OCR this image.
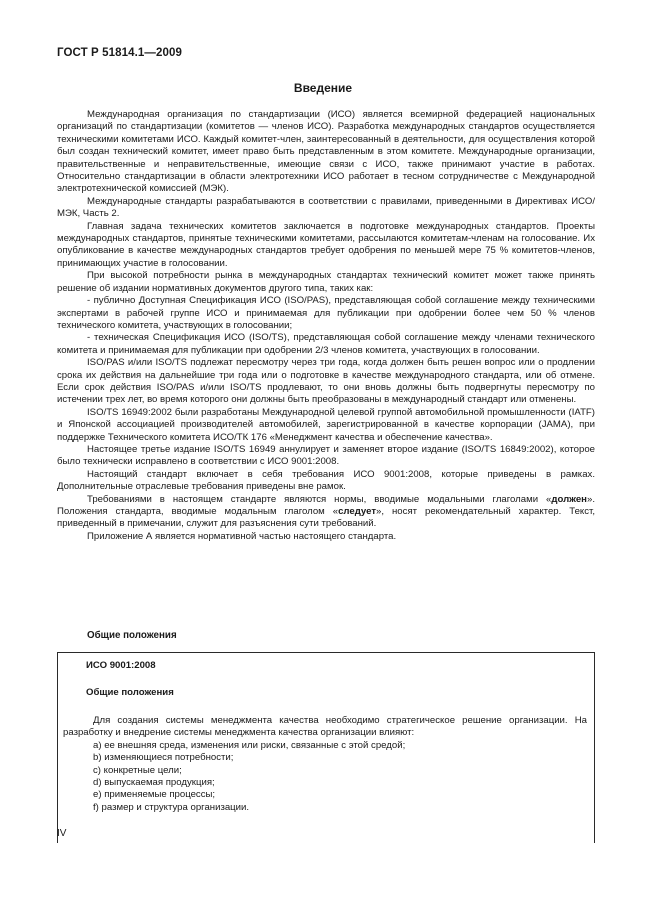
ГОСТ Р 51814.1—2009
Введение

Международная организация по стандартизации (ИСО) является всемирной федерацией национальных организаций по стандартизации (комитетов — членов ИСО). Разработка международных стандартов осуществляется техническими комитетами ИСО. Каждый комитет-член, заинтересованный в деятельности, для осуществления которой был создан технический комитет, имеет право быть представленным в этом комитете. Международные организации, правительственные и неправительственные, имеющие связи с ИСО, также принимают участие в работах. Относительно стандартизации в области электротехники ИСО работает в тесном сотрудничестве с Международной электротехнической комиссией (МЭК).

Международные стандарты разрабатываются в соответствии с правилами, приведенными в Директивах ИСО/МЭК, Часть 2.

Главная задача технических комитетов заключается в подготовке международных стандартов. Проекты международных стандартов, принятые техническими комитетами, рассылаются комитетам-членам на голосование. Их опубликование в качестве международных стандартов требует одобрения по меньшей мере 75 % комитетов-членов, принимающих участие в голосовании.

При высокой потребности рынка в международных стандартах технический комитет может также принять решение об издании нормативных документов другого типа, таких как:

- публично Доступная Спецификация ИСО (ISO/PAS), представляющая собой соглашение между техническими экспертами в рабочей группе ИСО и принимаемая для публикации при одобрении более чем 50 % членов технического комитета, участвующих в голосовании;

- техническая Спецификация ИСО (ISO/TS), представляющая собой соглашение между членами технического комитета и принимаемая для публикации при одобрении 2/3 членов комитета, участвующих в голосовании.

ISO/PAS и/или ISO/TS подлежат пересмотру через три года, когда должен быть решен вопрос или о продлении срока их действия на дальнейшие три года или о подготовке в качестве международного стандарта, или об отмене. Если срок действия ISO/PAS и/или ISO/TS продлевают, то они вновь должны быть подвергнуты пересмотру по истечении трех лет, во время которого они должны быть преобразованы в международный стандарт или отменены.

ISO/TS 16949:2002 были разработаны Международной целевой группой автомобильной промышленности (IATF) и Японской ассоциацией производителей автомобилей, зарегистрированной в качестве корпорации (JAMA), при поддержке Технического комитета ИСО/ТК 176 «Менеджмент качества и обеспечение качества».

Настоящее третье издание ISO/TS 16949 аннулирует и заменяет второе издание (ISO/TS 16849:2002), которое было технически исправлено в соответствии с ИСО 9001:2008.

Настоящий стандарт включает в себя требования ИСО 9001:2008, которые приведены в рамках. Дополнительные отраслевые требования приведены вне рамок.

Требованиями в настоящем стандарте являются нормы, вводимые модальными глаголами «должен». Положения стандарта, вводимые модальным глаголом «следует», носят рекомендательный характер. Текст, приведенный в примечании, служит для разъяснения сути требований.

Приложение А является нормативной частью настоящего стандарта.

Общие положения
ИСО 9001:2008
Общие положения

Для создания системы менеджмента качества необходимо стратегическое решение организации. На разработку и внедрение системы менеджмента качества организации влияют:

а) ее внешняя среда, изменения или риски, связанные с этой средой;

b) изменяющиеся потребности;

с) конкретные цели;

d) выпускаемая продукция;

е) применяемые процессы;

f) размер и структура организации.

IV
